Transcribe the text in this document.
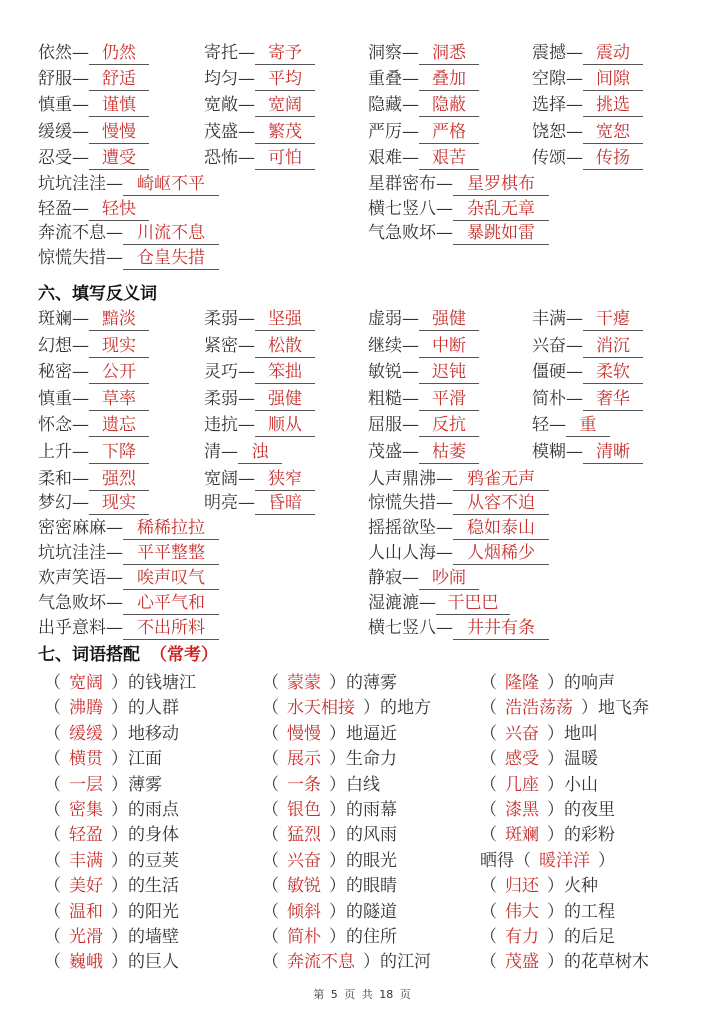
依然— 仍然	寄托— 寄予	洞察— 洞悉	震撼— 震动
舒服— 舒适	均匀— 平均	重叠— 叠加	空隙— 间隙
慎重— 谨慎	宽敞— 宽阔	隐藏— 隐蔽	选择— 挑选
缓缓— 慢慢	茂盛— 繁茂	严厉— 严格	饶恕— 宽恕
忍受— 遭受	恐怖— 可怕	艰难— 艰苦	传颂— 传扬
坑坑洼洼— 崎岖不平	星群密布— 星罗棋布
轻盈— 轻快	横七竖八— 杂乱无章
奔流不息— 川流不息	气急败坏— 暴跳如雷
惊慌失措— 仓皇失措
六、填写反义词
斑斓— 黯淡	柔弱— 坚强	虚弱— 强健	丰满— 干瘪
幻想— 现实	紧密— 松散	继续— 中断	兴奋— 消沉
秘密— 公开	灵巧— 笨拙	敏锐— 迟钝	僵硬— 柔软
慎重— 草率	柔弱— 强健	粗糙— 平滑	简朴— 奢华
怀念— 遗忘	违抗— 顺从	屈服— 反抗	轻— 重
上升— 下降	清— 浊	茂盛— 枯萎	模糊— 清晰
柔和— 强烈	宽阔— 狭窄	人声鼎沸— 鸦雀无声
梦幻— 现实	明亮— 昏暗	惊慌失措— 从容不迫
密密麻麻— 稀稀拉拉	摇摇欲坠— 稳如泰山
坑坑洼洼— 平平整整	人山人海— 人烟稀少
欢声笑语— 唉声叹气	静寂— 吵闹
气急败坏— 心平气和	湿漉漉— 干巴巴
出乎意料— 不出所料	横七竖八— 井井有条
七、词语搭配 （常考）
（ 宽阔 ）的钱塘江	（ 蒙蒙 ）的薄雾	（ 隆隆 ）的响声
（ 沸腾 ）的人群	（ 水天相接 ）的地方	（ 浩浩荡荡 ）地飞奔
（ 缓缓 ）地移动	（ 慢慢 ）地逼近	（ 兴奋 ）地叫
（ 横贯 ）江面	（ 展示 ）生命力	（ 感受 ）温暖
（ 一层 ）薄雾	（ 一条 ）白线	（ 几座 ）小山
（ 密集 ）的雨点	（ 银色 ）的雨幕	（ 漆黑 ）的夜里
（ 轻盈 ）的身体	（ 猛烈 ）的风雨	（ 斑斓 ）的彩粉
（ 丰满 ）的豆荚	（ 兴奋 ）的眼光	晒得（ 暖洋洋 ）
（ 美好 ）的生活	（ 敏锐 ）的眼睛	（ 归还 ）火种
（ 温和 ）的阳光	（ 倾斜 ）的隧道	（ 伟大 ）的工程
（ 光滑 ）的墙壁	（ 简朴 ）的住所	（ 有力 ）的后足
（ 巍峨 ）的巨人	（ 奔流不息 ）的江河	（ 茂盛 ）的花草树木
第 5 页 共 18 页
